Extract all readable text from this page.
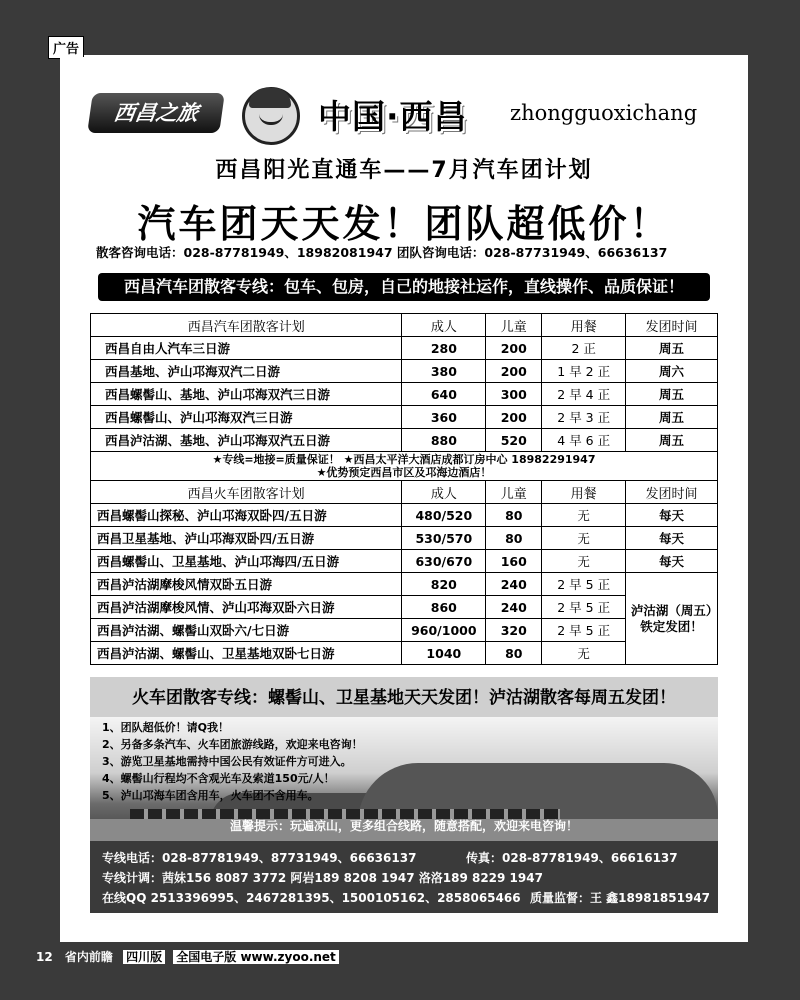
广告
西昌之旅	中国·西昌 zhongguoxichang
西昌阳光直通车——7月汽车团计划
汽车团天天发！团队超低价！
散客咨询电话：028-87781949、18982081947 团队咨询电话：028-87731949、66636137
西昌汽车团散客专线：包车、包房，自己的地接社运作，直线操作、品质保证！
西昌汽车团散客计划	成人	儿童	用餐	发团时间
西昌自由人汽车三日游	280	200	2 正	周五
西昌基地、泸山邛海双汽二日游	380	200	1 早 2 正	周六
西昌螺髻山、基地、泸山邛海双汽三日游	640	300	2 早 4 正	周五
西昌螺髻山、泸山邛海双汽三日游	360	200	2 早 3 正	周五
西昌泸沽湖、基地、泸山邛海双汽五日游	880	520	4 早 6 正	周五

★专线=地接=质量保证！ ★西昌太平洋大酒店成都订房中心 18982291947
★优势预定西昌市区及邛海边酒店！				
西昌火车团散客计划	成人	儿童	用餐	发团时间
西昌螺髻山探秘、泸山邛海双卧四/五日游	480/520	80	无	每天
西昌卫星基地、泸山邛海双卧四/五日游	530/570	80	无	每天
西昌螺髻山、卫星基地、泸山邛海四/五日游	630/670	160	无	每天
西昌泸沽湖摩梭风情双卧五日游	820	240	2 早 5 正	泸沽湖（周五）铁定发团！
西昌泸沽湖摩梭风情、泸山邛海双卧六日游	860	240	2 早 5 正	
西昌泸沽湖、螺髻山双卧六/七日游	960/1000	320	2 早 5 正	
西昌泸沽湖、螺髻山、卫星基地双卧七日游	1040	80	无	
火车团散客专线：螺髻山、卫星基地天天发团！泸沽湖散客每周五发团！
1、团队超低价！请Q我！
2、另备多条汽车、火车团旅游线路，欢迎来电咨询！
3、游览卫星基地需持中国公民有效证件方可进入。
4、螺髻山行程均不含观光车及索道150元/人！
5、泸山邛海车团含用车，火车团不含用车。
温馨提示：玩遍凉山，更多组合线路，随意搭配，欢迎来电咨询！
专线电话：028-87781949、87731949、66636137	传真：028-87781949、66616137
专线计调：茜妹156 8087 3772 阿岩189 8208 1947 洛洛189 8229 1947
在线QQ 2513396995、2467281395、1500105162、2858065466 质量监督：王 鑫18981851947
12 省内前瞻 四川版 全国电子版 www.zyoo.net
